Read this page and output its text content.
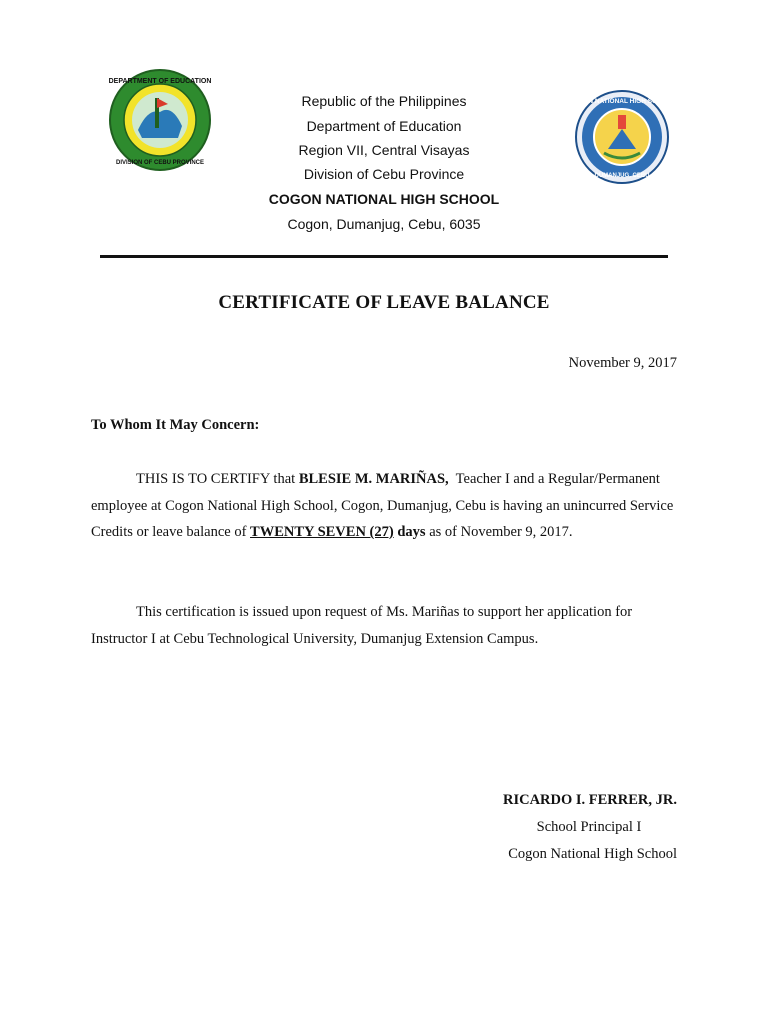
DEPARTMENT OF EDUCATION
DIVISION OF CEBU PROVINCE
COGON NATIONAL HIGH SCHOOL
DUMANJUG, CEBU
Republic of the Philippines
Department of Education
Region VII, Central Visayas
Division of Cebu Province
COGON NATIONAL HIGH SCHOOL
Cogon, Dumanjug, Cebu, 6035
CERTIFICATE OF LEAVE BALANCE
November 9, 2017
To Whom It May Concern:
THIS IS TO CERTIFY that BLESIE M. MARIÑAS,  Teacher I and a Regular/Permanent employee at Cogon National High School, Cogon, Dumanjug, Cebu is having an unincurred Service Credits or leave balance of TWENTY SEVEN (27) days as of November 9, 2017.
This certification is issued upon request of Ms. Mariñas to support her application for Instructor I at Cebu Technological University, Dumanjug Extension Campus.
RICARDO I. FERRER, JR.
School Principal I
Cogon National High School
